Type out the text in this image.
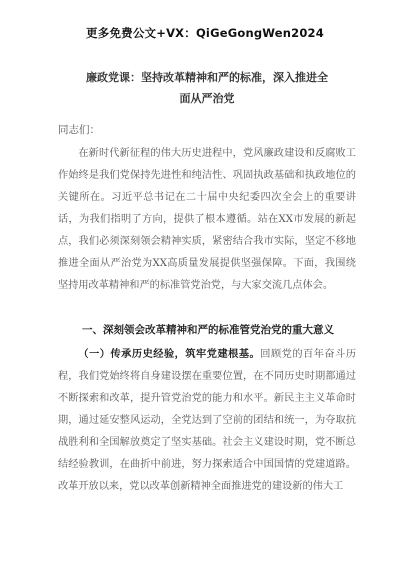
更多免费公文+VX：QiGeGongWen2024
廉政党课：坚持改革精神和严的标准，深入推进全面从严治党
同志们：

在新时代新征程的伟大历史进程中，党风廉政建设和反腐败工作始终是我们党保持先进性和纯洁性、巩固执政基础和执政地位的关键所在。习近平总书记在二十届中央纪委四次全会上的重要讲话，为我们指明了方向，提供了根本遵循。站在XX市发展的新起点，我们必须深刻领会精神实质，紧密结合我市实际，坚定不移地推进全面从严治党为XX高质量发展提供坚强保障。下面，我围绕坚持用改革精神和严的标准管党治党，与大家交流几点体会。

一、深刻领会改革精神和严的标准管党治党的重大意义

（一）传承历史经验，筑牢党建根基。回顾党的百年奋斗历程，我们党始终将自身建设摆在重要位置，在不同历史时期都通过不断探索和改革，提升管党治党的能力和水平。新民主主义革命时期，通过延安整风运动，全党达到了空前的团结和统一，为夺取抗战胜利和全国解放奠定了坚实基础。社会主义建设时期，党不断总结经验教训，在曲折中前进，努力探索适合中国国情的党建道路。改革开放以来，党以改革创新精神全面推进党的建设新的伟大工
